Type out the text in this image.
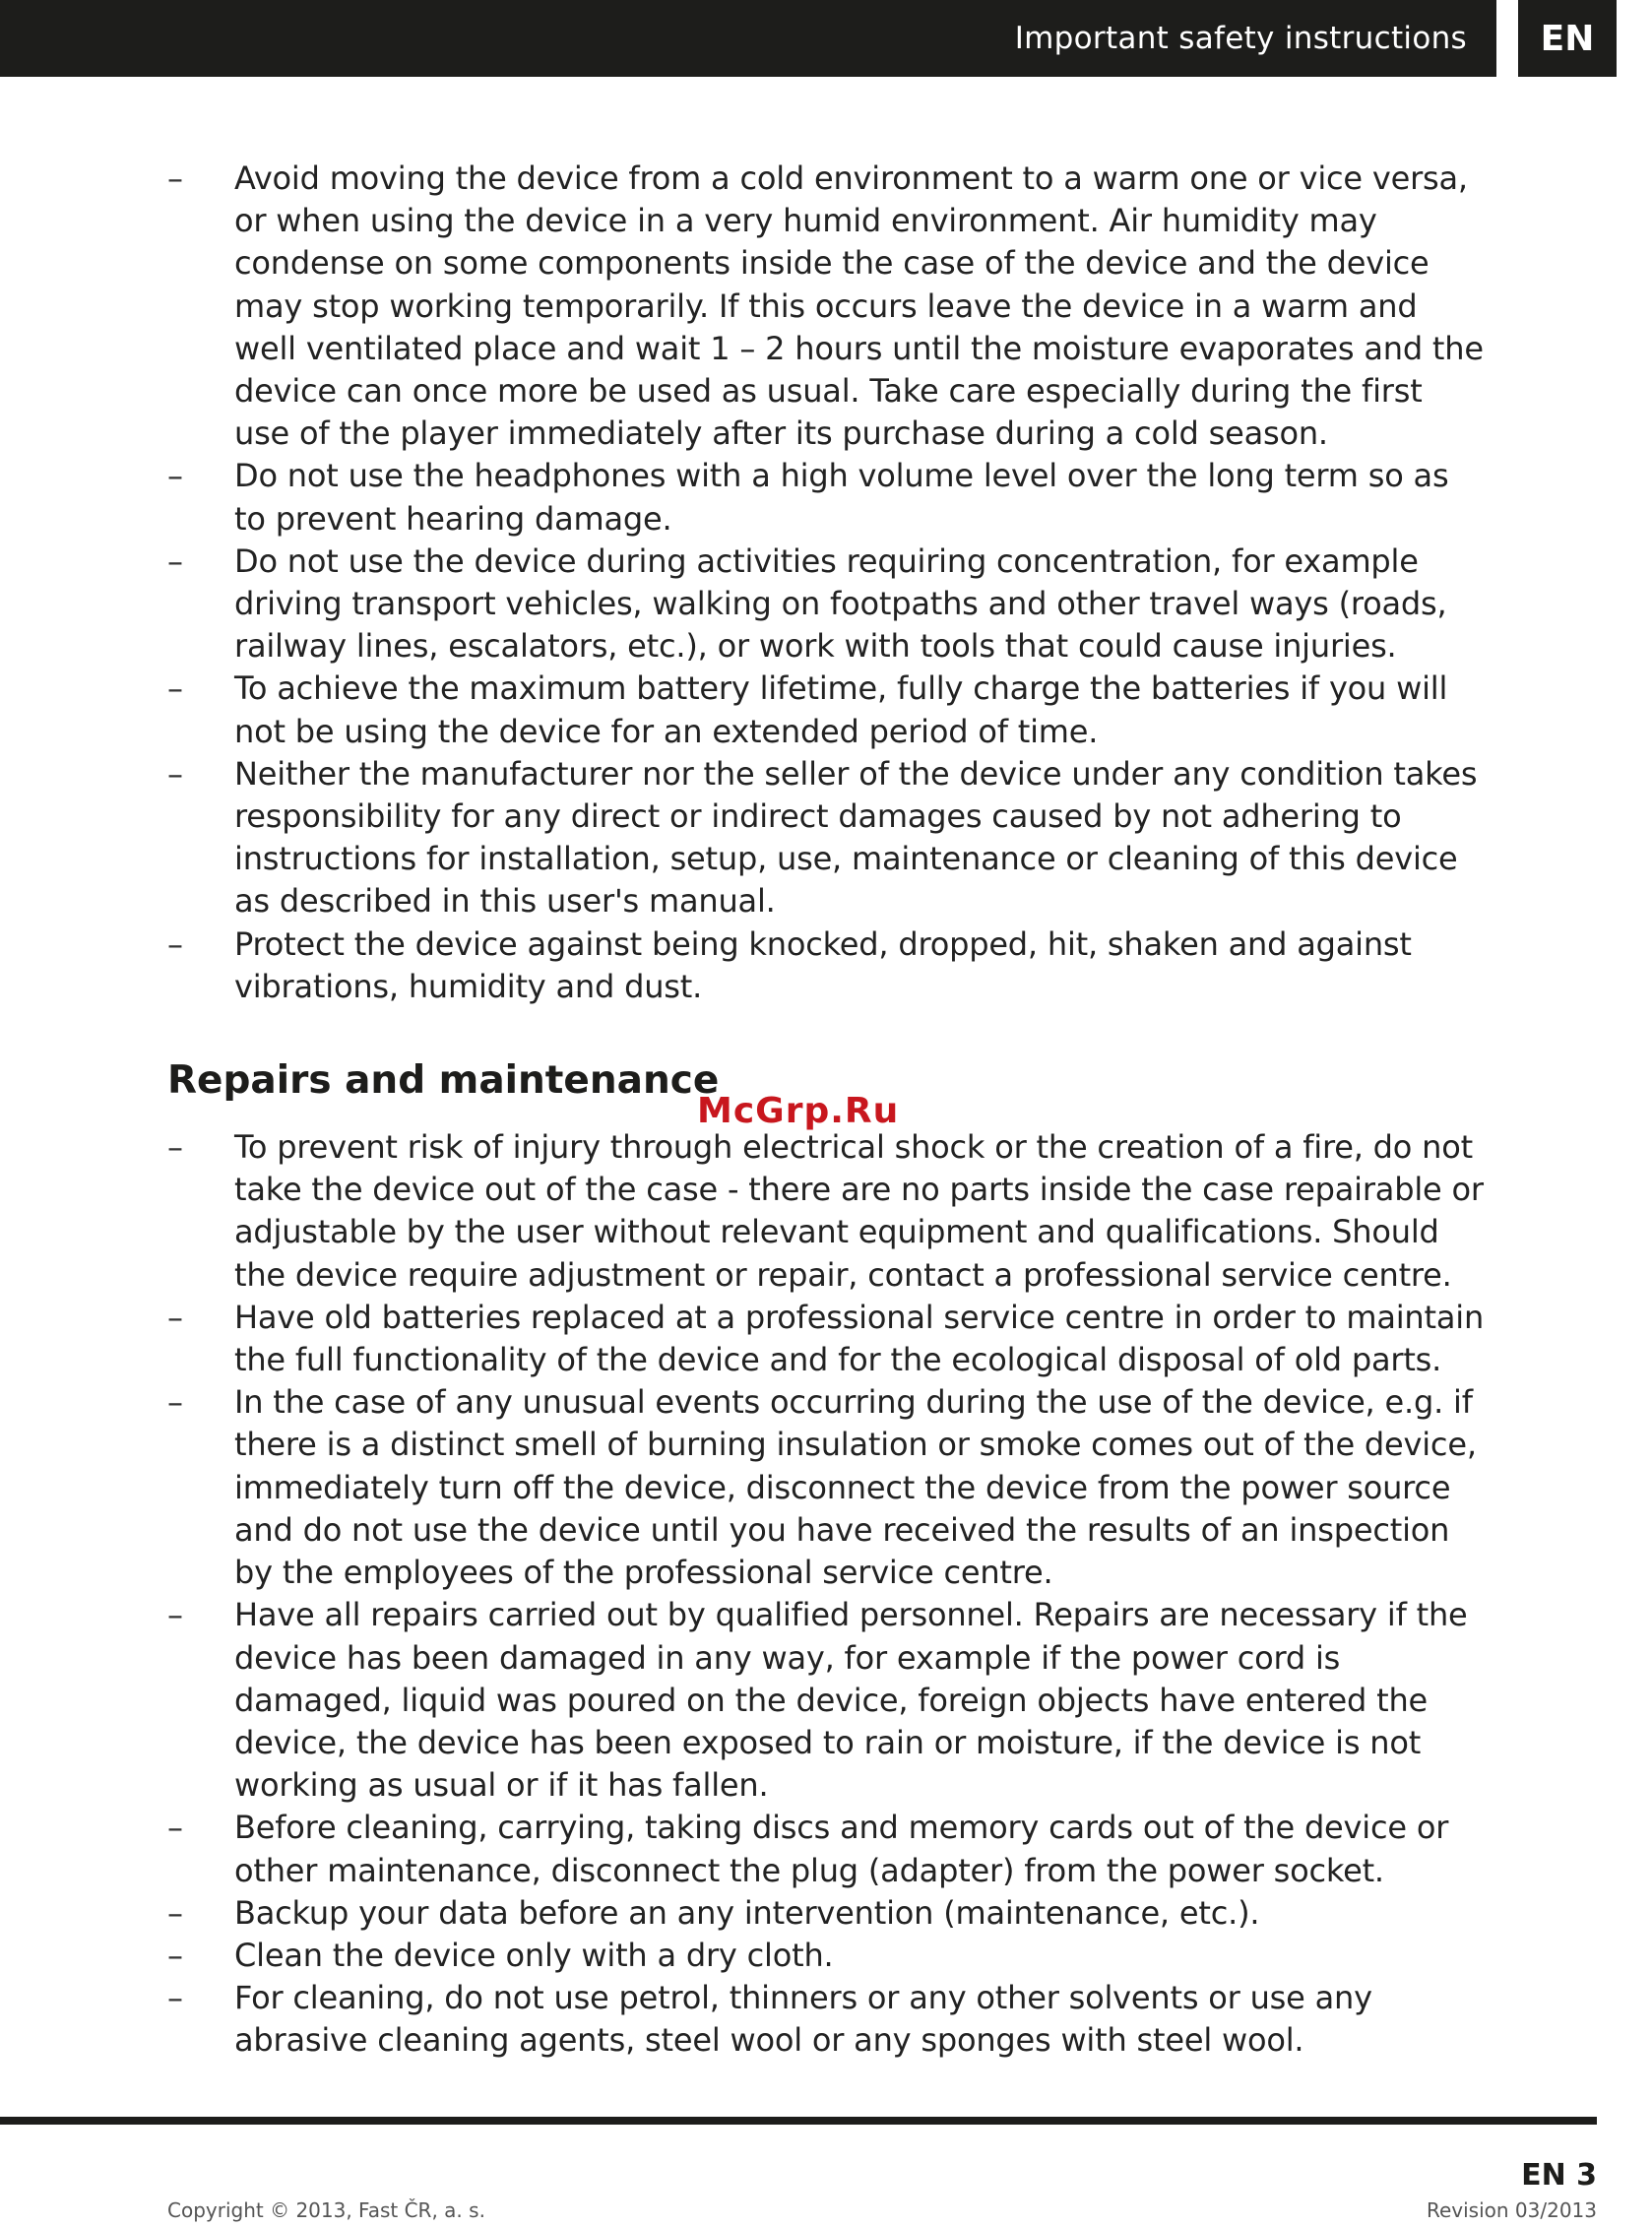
Important safety instructions	EN
– Avoid moving the device from a cold environment to a warm one or vice versa, or when using the device in a very humid environment. Air humidity may condense on some components inside the case of the device and the device may stop working temporarily. If this occurs leave the device in a warm and well ventilated place and wait 1 – 2 hours until the moisture evaporates and the device can once more be used as usual. Take care especially during the first use of the player immediately after its purchase during a cold season.
– Do not use the headphones with a high volume level over the long term so as to prevent hearing damage.
– Do not use the device during activities requiring concentration, for example driving transport vehicles, walking on footpaths and other travel ways (roads, railway lines, escalators, etc.), or work with tools that could cause injuries.
– To achieve the maximum battery lifetime, fully charge the batteries if you will not be using the device for an extended period of time.
– Neither the manufacturer nor the seller of the device under any condition takes responsibility for any direct or indirect damages caused by not adhering to instructions for installation, setup, use, maintenance or cleaning of this device as described in this user's manual.
– Protect the device against being knocked, dropped, hit, shaken and against vibrations, humidity and dust.
Repairs and maintenance
– To prevent risk of injury through electrical shock or the creation of a fire, do not take the device out of the case - there are no parts inside the case repairable or adjustable by the user without relevant equipment and qualifications. Should the device require adjustment or repair, contact a professional service centre.
– Have old batteries replaced at a professional service centre in order to maintain the full functionality of the device and for the ecological disposal of old parts.
– In the case of any unusual events occurring during the use of the device, e.g. if there is a distinct smell of burning insulation or smoke comes out of the device, immediately turn off the device, disconnect the device from the power source and do not use the device until you have received the results of an inspection by the employees of the professional service centre.
– Have all repairs carried out by qualified personnel. Repairs are necessary if the device has been damaged in any way, for example if the power cord is damaged, liquid was poured on the device, foreign objects have entered the device, the device has been exposed to rain or moisture, if the device is not working as usual or if it has fallen.
– Before cleaning, carrying, taking discs and memory cards out of the device or other maintenance, disconnect the plug (adapter) from the power socket.
– Backup your data before an any intervention (maintenance, etc.).
– Clean the device only with a dry cloth.
– For cleaning, do not use petrol, thinners or any other solvents or use any abrasive cleaning agents, steel wool or any sponges with steel wool.
McGrp.Ru
EN 3
Copyright © 2013, Fast ČR, a. s.	Revision 03/2013
